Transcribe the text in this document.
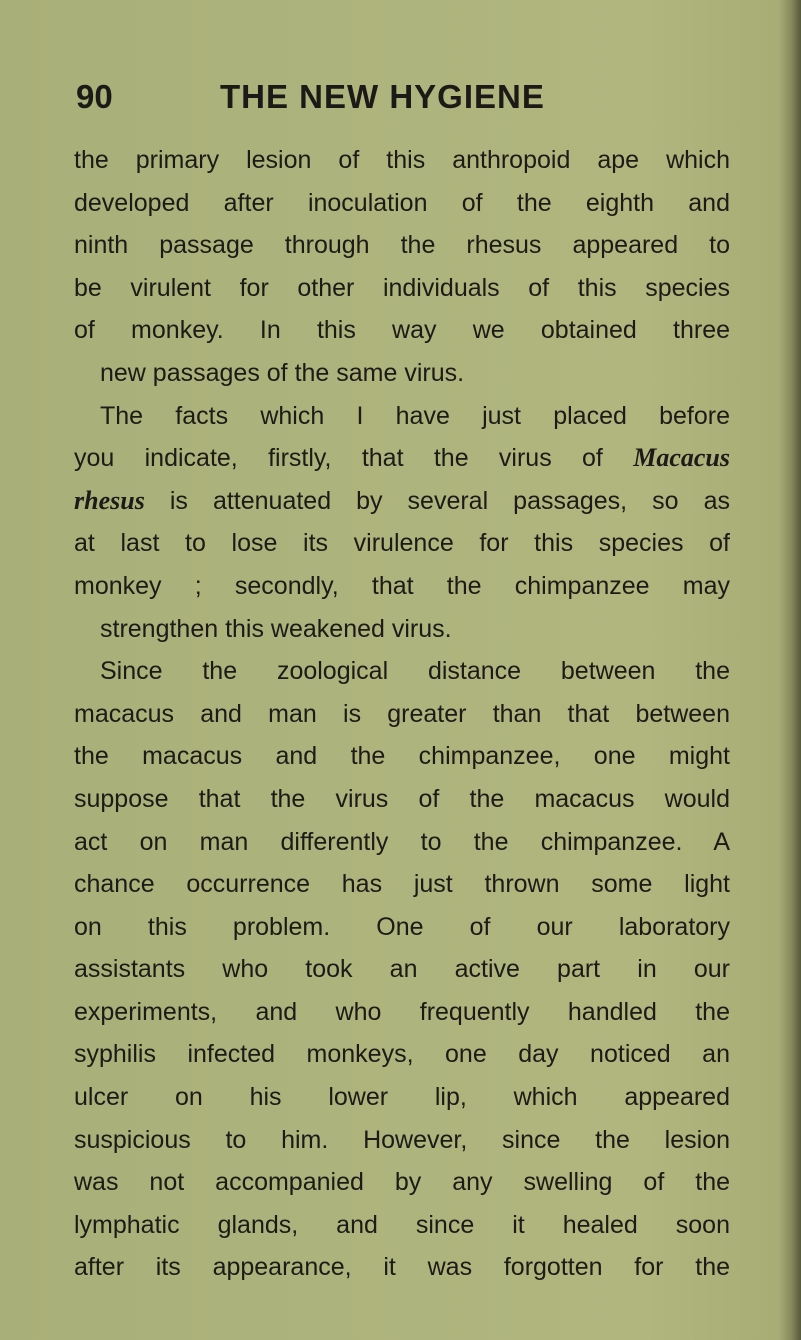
90	THE NEW HYGIENE
the primary lesion of this anthropoid ape which
developed after inoculation of the eighth and
ninth passage through the rhesus appeared to
be virulent for other individuals of this species
of monkey. In this way we obtained three
new passages of the same virus.
The facts which I have just placed before
you indicate, firstly, that the virus of Macacus
rhesus is attenuated by several passages, so as
at last to lose its virulence for this species of
monkey ; secondly, that the chimpanzee may
strengthen this weakened virus.
Since the zoological distance between the
macacus and man is greater than that between
the macacus and the chimpanzee, one might
suppose that the virus of the macacus would
act on man differently to the chimpanzee. A
chance occurrence has just thrown some light
on this problem. One of our laboratory
assistants who took an active part in our
experiments, and who frequently handled the
syphilis infected monkeys, one day noticed an
ulcer on his lower lip, which appeared
suspicious to him. However, since the lesion
was not accompanied by any swelling of the
lymphatic glands, and since it healed soon
after its appearance, it was forgotten for the
